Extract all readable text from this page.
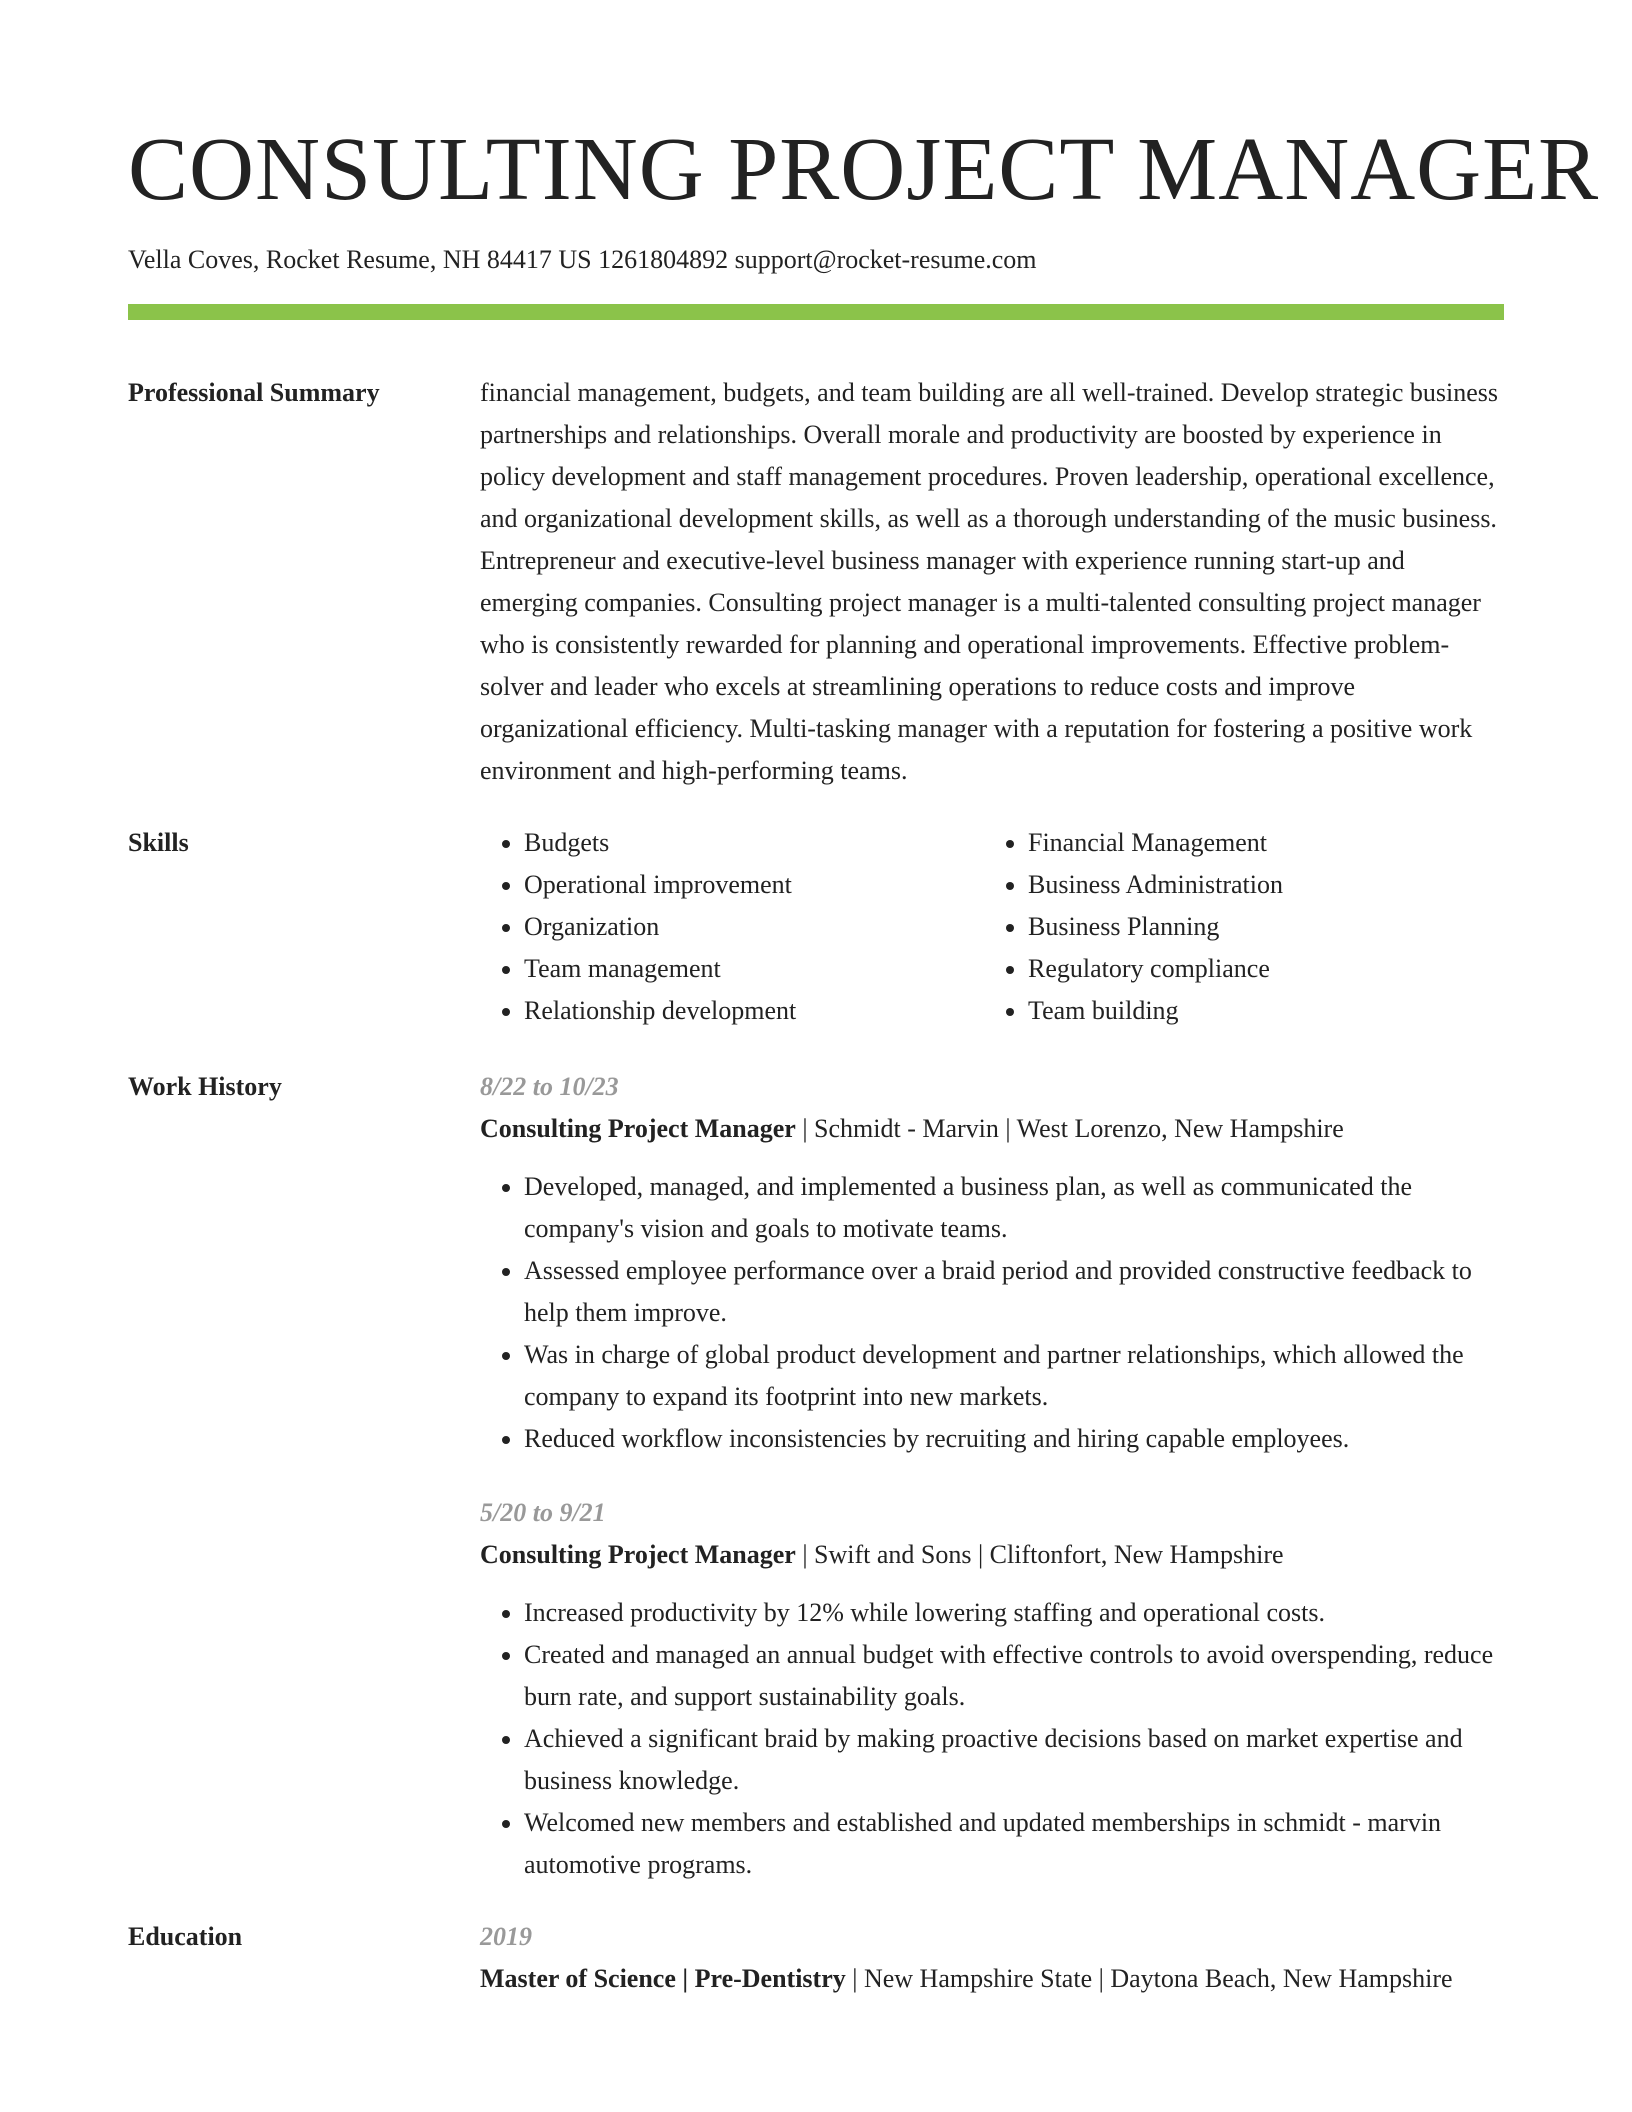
CONSULTING PROJECT MANAGER
Vella Coves, Rocket Resume, NH 84417 US 1261804892 support@rocket-resume.com
Professional Summary	financial management, budgets, and team building are all well-trained. Develop strategic business partnerships and relationships. Overall morale and productivity are boosted by experience in policy development and staff management procedures. Proven leadership, operational excellence, and organizational development skills, as well as a thorough understanding of the music business. Entrepreneur and executive-level business manager with experience running start-up and emerging companies. Consulting project manager is a multi-talented consulting project manager who is consistently rewarded for planning and operational improvements. Effective problem-solver and leader who excels at streamlining operations to reduce costs and improve organizational efficiency. Multi-tasking manager with a reputation for fostering a positive work environment and high-performing teams.

Skills
•	Budgets
• Operational improvement
• Organization
• Team management
• Relationship development
• Financial Management
• Business Administration
• Business Planning
• Regulatory compliance
• Team building
Work History	8/22 to 10/23
Consulting Project Manager | Schmidt - Marvin | West Lorenzo, New Hampshire
• Developed, managed, and implemented a business plan, as well as communicated the company's vision and goals to motivate teams.
• Assessed employee performance over a braid period and provided constructive feedback to help them improve.
• Was in charge of global product development and partner relationships, which allowed the company to expand its footprint into new markets.
• Reduced workflow inconsistencies by recruiting and hiring capable employees.
5/20 to 9/21
Consulting Project Manager | Swift and Sons | Cliftonfort, New Hampshire
• Increased productivity by 12% while lowering staffing and operational costs.
• Created and managed an annual budget with effective controls to avoid overspending, reduce burn rate, and support sustainability goals.
• Achieved a significant braid by making proactive decisions based on market expertise and business knowledge.
• Welcomed new members and established and updated memberships in schmidt - marvin automotive programs.
Education	2019
Master of Science | Pre-Dentistry | New Hampshire State | Daytona Beach, New Hampshire
